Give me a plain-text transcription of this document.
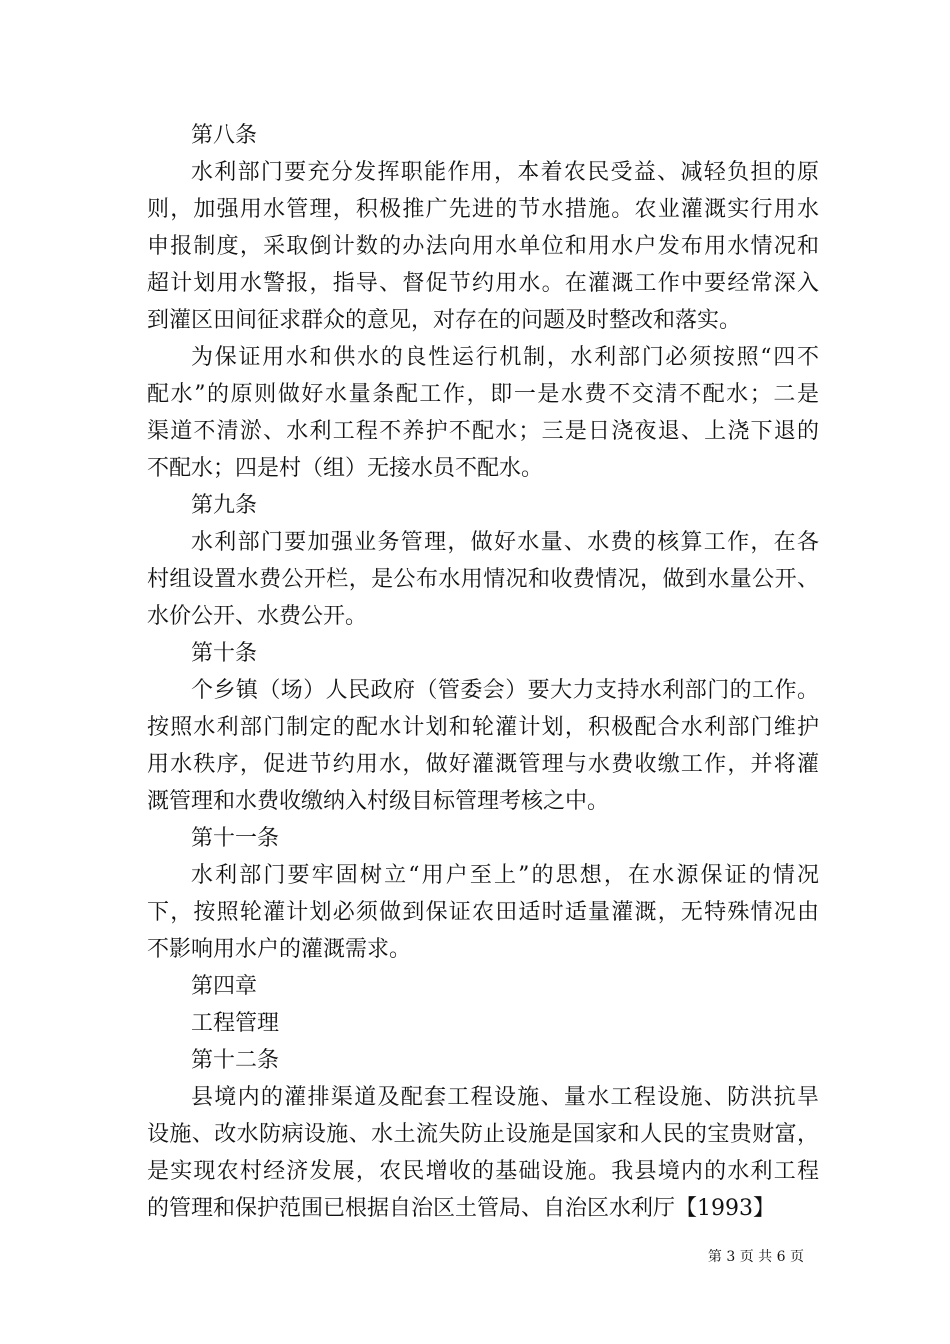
第八条
水利部门要充分发挥职能作用，本着农民受益、减轻负担的原
则，加强用水管理，积极推广先进的节水措施。农业灌溉实行用水
申报制度，采取倒计数的办法向用水单位和用水户发布用水情况和
超计划用水警报，指导、督促节约用水。在灌溉工作中要经常深入
到灌区田间征求群众的意见，对存在的问题及时整改和落实。
为保证用水和供水的良性运行机制，水利部门必须按照“四不
配水”的原则做好水量条配工作，即一是水费不交清不配水；二是
渠道不清淤、水利工程不养护不配水；三是日浇夜退、上浇下退的
不配水；四是村（组）无接水员不配水。
第九条
水利部门要加强业务管理，做好水量、水费的核算工作，在各
村组设置水费公开栏，是公布水用情况和收费情况，做到水量公开、
水价公开、水费公开。
第十条
个乡镇（场）人民政府（管委会）要大力支持水利部门的工作。
按照水利部门制定的配水计划和轮灌计划，积极配合水利部门维护
用水秩序，促进节约用水，做好灌溉管理与水费收缴工作，并将灌
溉管理和水费收缴纳入村级目标管理考核之中。
第十一条
水利部门要牢固树立“用户至上”的思想，在水源保证的情况
下，按照轮灌计划必须做到保证农田适时适量灌溉，无特殊情况由
不影响用水户的灌溉需求。
第四章
工程管理
第十二条
县境内的灌排渠道及配套工程设施、量水工程设施、防洪抗旱
设施、改水防病设施、水土流失防止设施是国家和人民的宝贵财富，
是实现农村经济发展，农民增收的基础设施。我县境内的水利工程
的管理和保护范围已根据自治区土管局、自治区水利厅【1993】
第 3 页 共 6 页
